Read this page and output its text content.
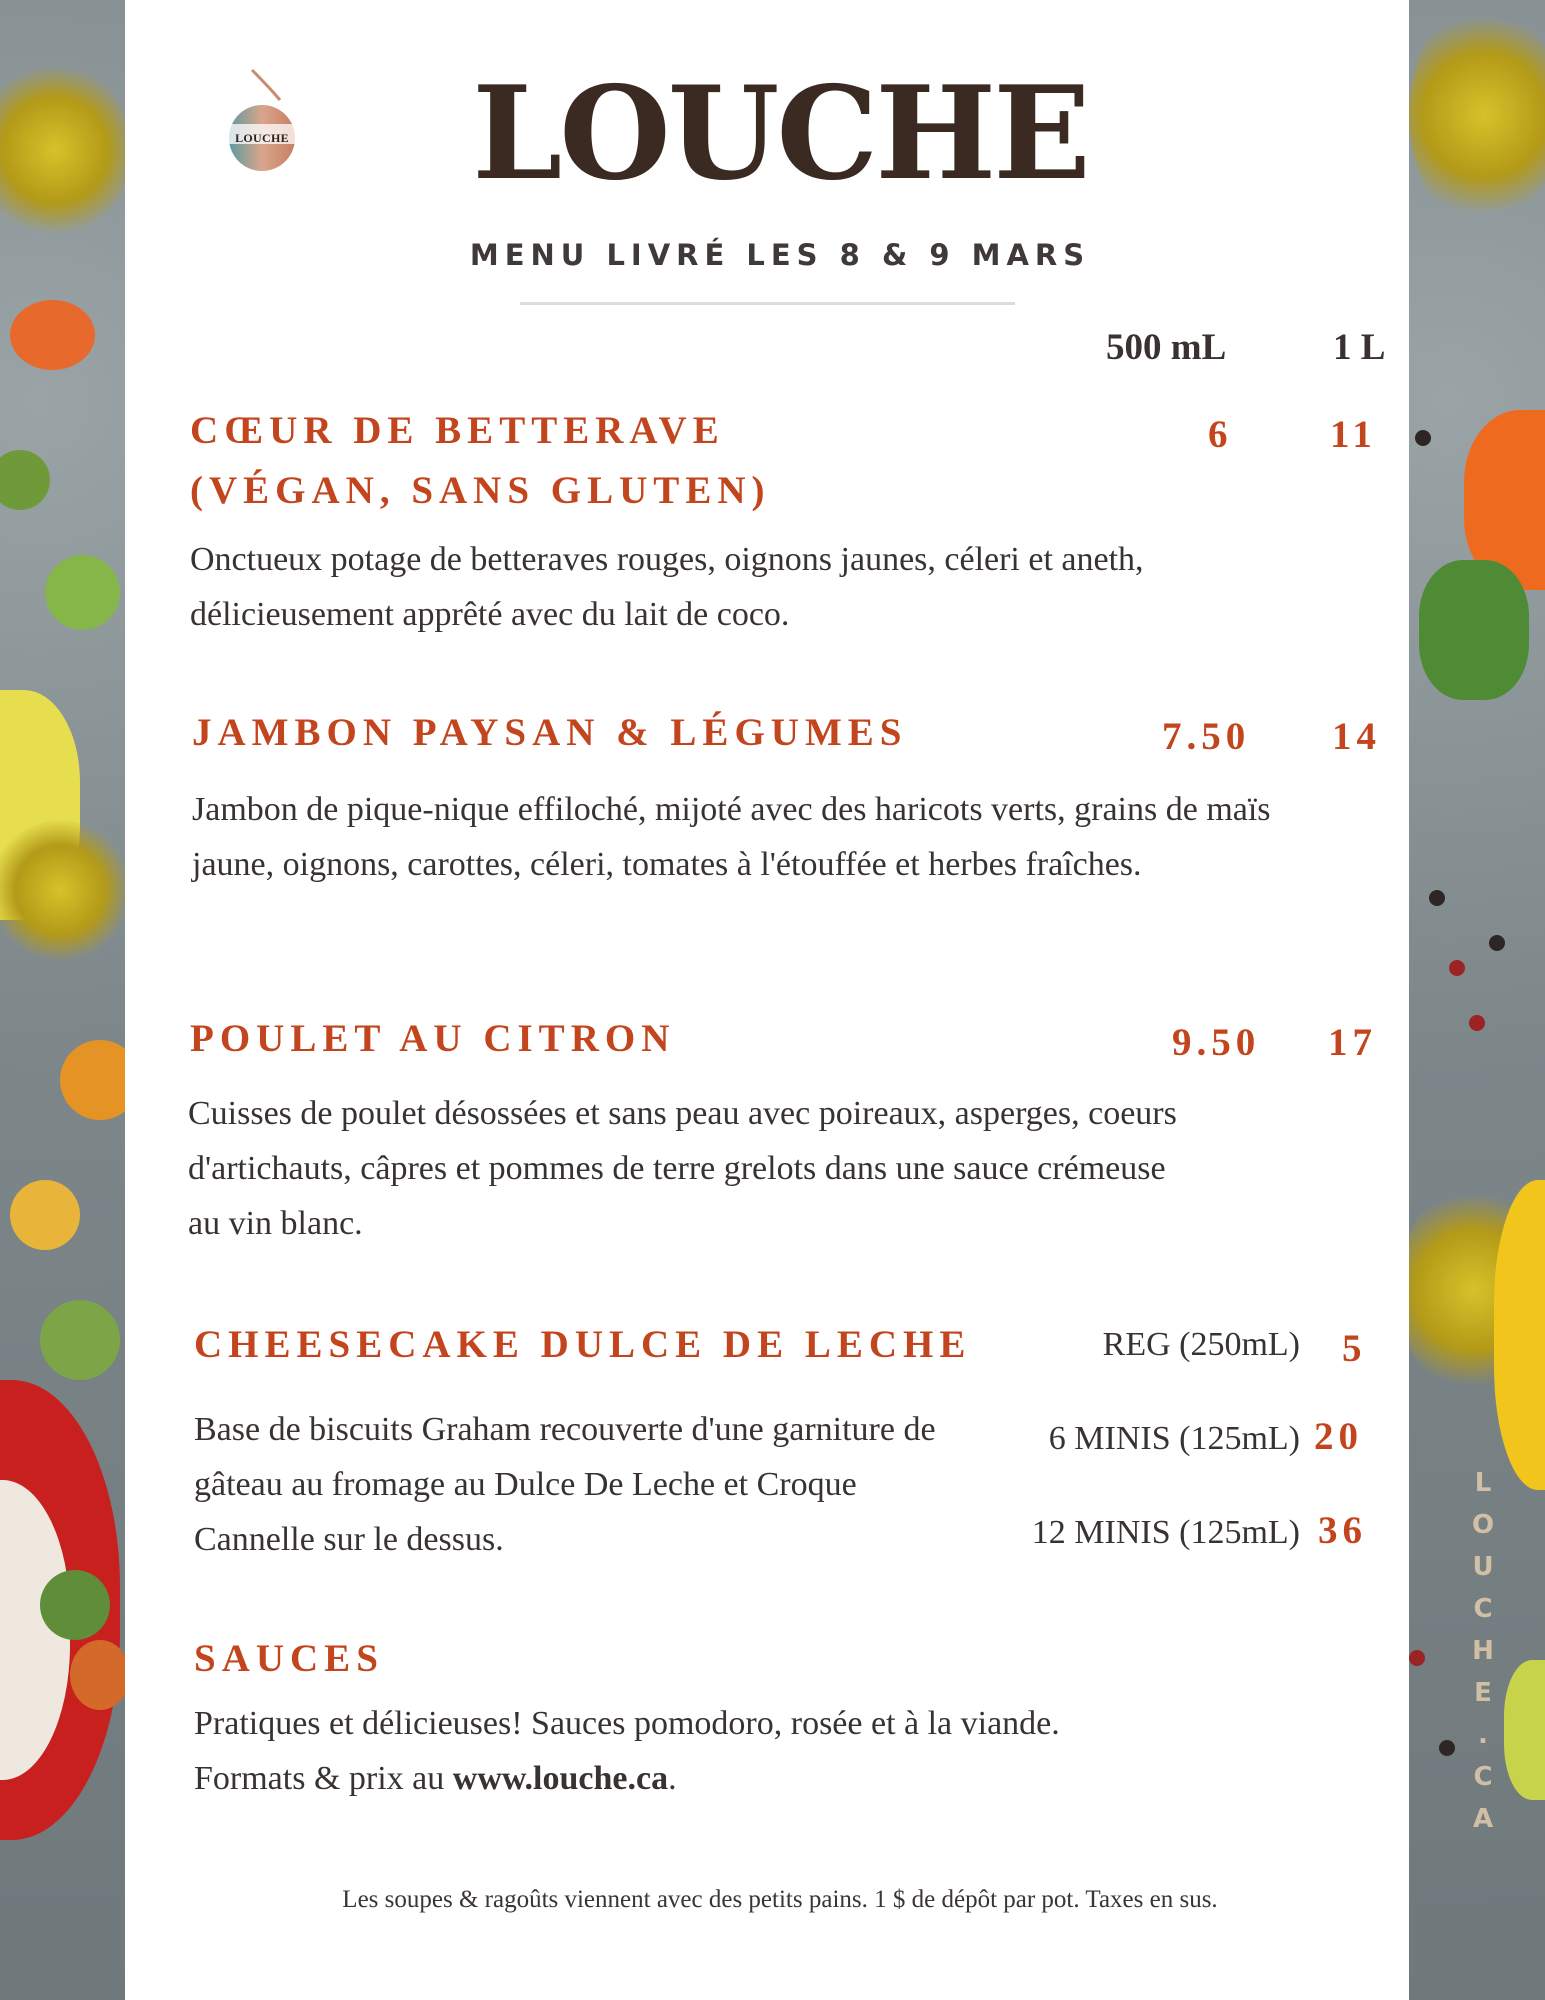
L
O
U
C
H
E
.
C
A
LOUCHE LOUCHE
MENU LIVRÉ LES 8 & 9 MARS
500 mL	1 L
CŒUR DE BETTERAVE
(VÉGAN, SANS GLUTEN)
6	11
Onctueux potage de betteraves rouges, oignons jaunes, céleri et aneth, délicieusement apprêté avec du lait de coco.
JAMBON PAYSAN & LÉGUMES	7.50 14
Jambon de pique-nique effiloché, mijoté avec des haricots verts, grains de maïs jaune, oignons, carottes, céleri, tomates à l'étouffée et herbes fraîches.
POULET AU CITRON	9.50 17
Cuisses de poulet désossées et sans peau avec poireaux, asperges, coeurs d'artichauts, câpres et pommes de terre grelots dans une sauce crémeuse au vin blanc.
CHEESECAKE DULCE DE LECHE
Base de biscuits Graham recouverte d'une garniture de gâteau au fromage au Dulce De Leche et Croque Cannelle sur le dessus.
REG (250mL) 5
6 MINIS (125mL) 20
12 MINIS (125mL) 36
SAUCES
Pratiques et délicieuses! Sauces pomodoro, rosée et à la viande.
Formats & prix au www.louche.ca.
Les soupes & ragoûts viennent avec des petits pains. 1 $ de dépôt par pot. Taxes en sus.
